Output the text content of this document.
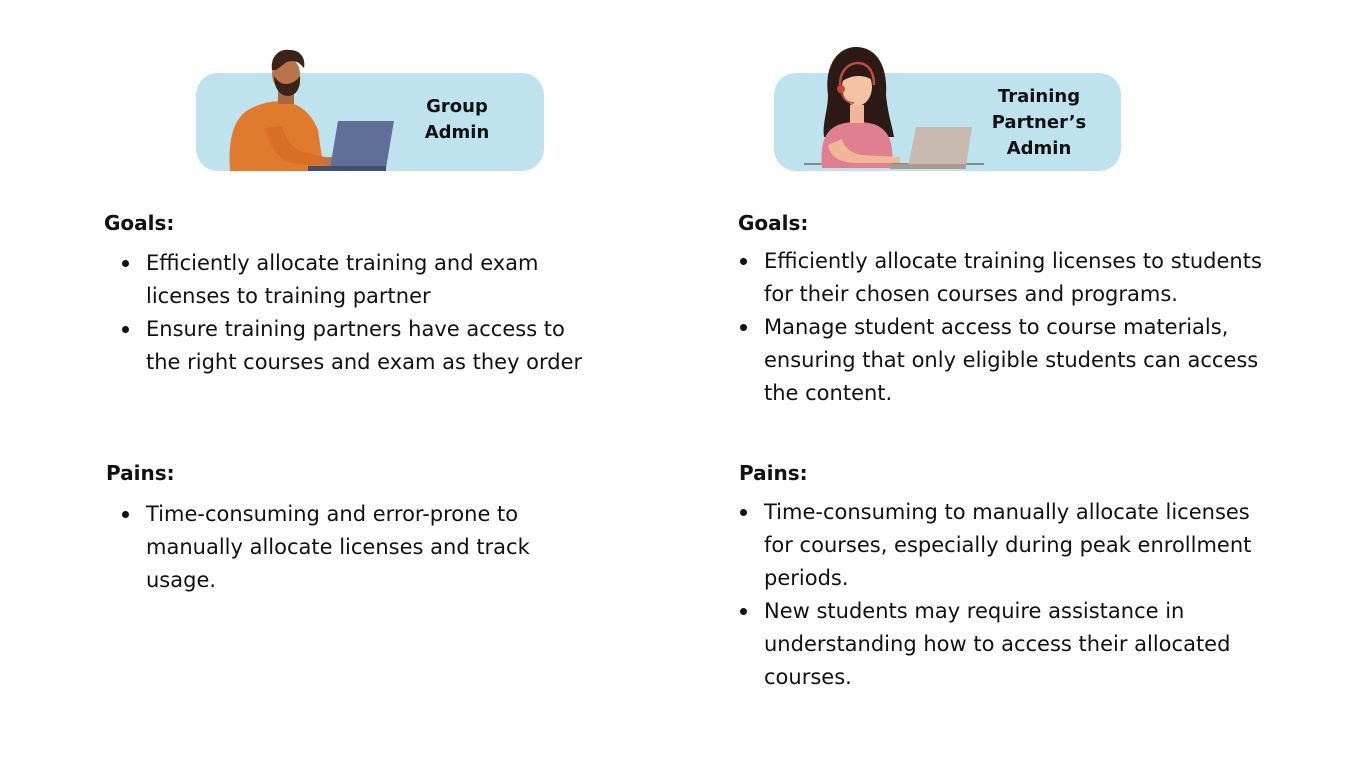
Group
Admin
Training
Partner’s
Admin
Goals:
Efficiently allocate training and exam licenses to training partner
Ensure training partners have access to the right courses and exam as they order
Pains:
Time-consuming and error-prone to manually allocate licenses and track usage.
Goals:
Efficiently allocate training licenses to students for their chosen courses and programs.
Manage student access to course materials, ensuring that only eligible students can access the content.
Pains:
Time-consuming to manually allocate licenses for courses, especially during peak enrollment periods.
New students may require assistance in understanding how to access their allocated courses.
